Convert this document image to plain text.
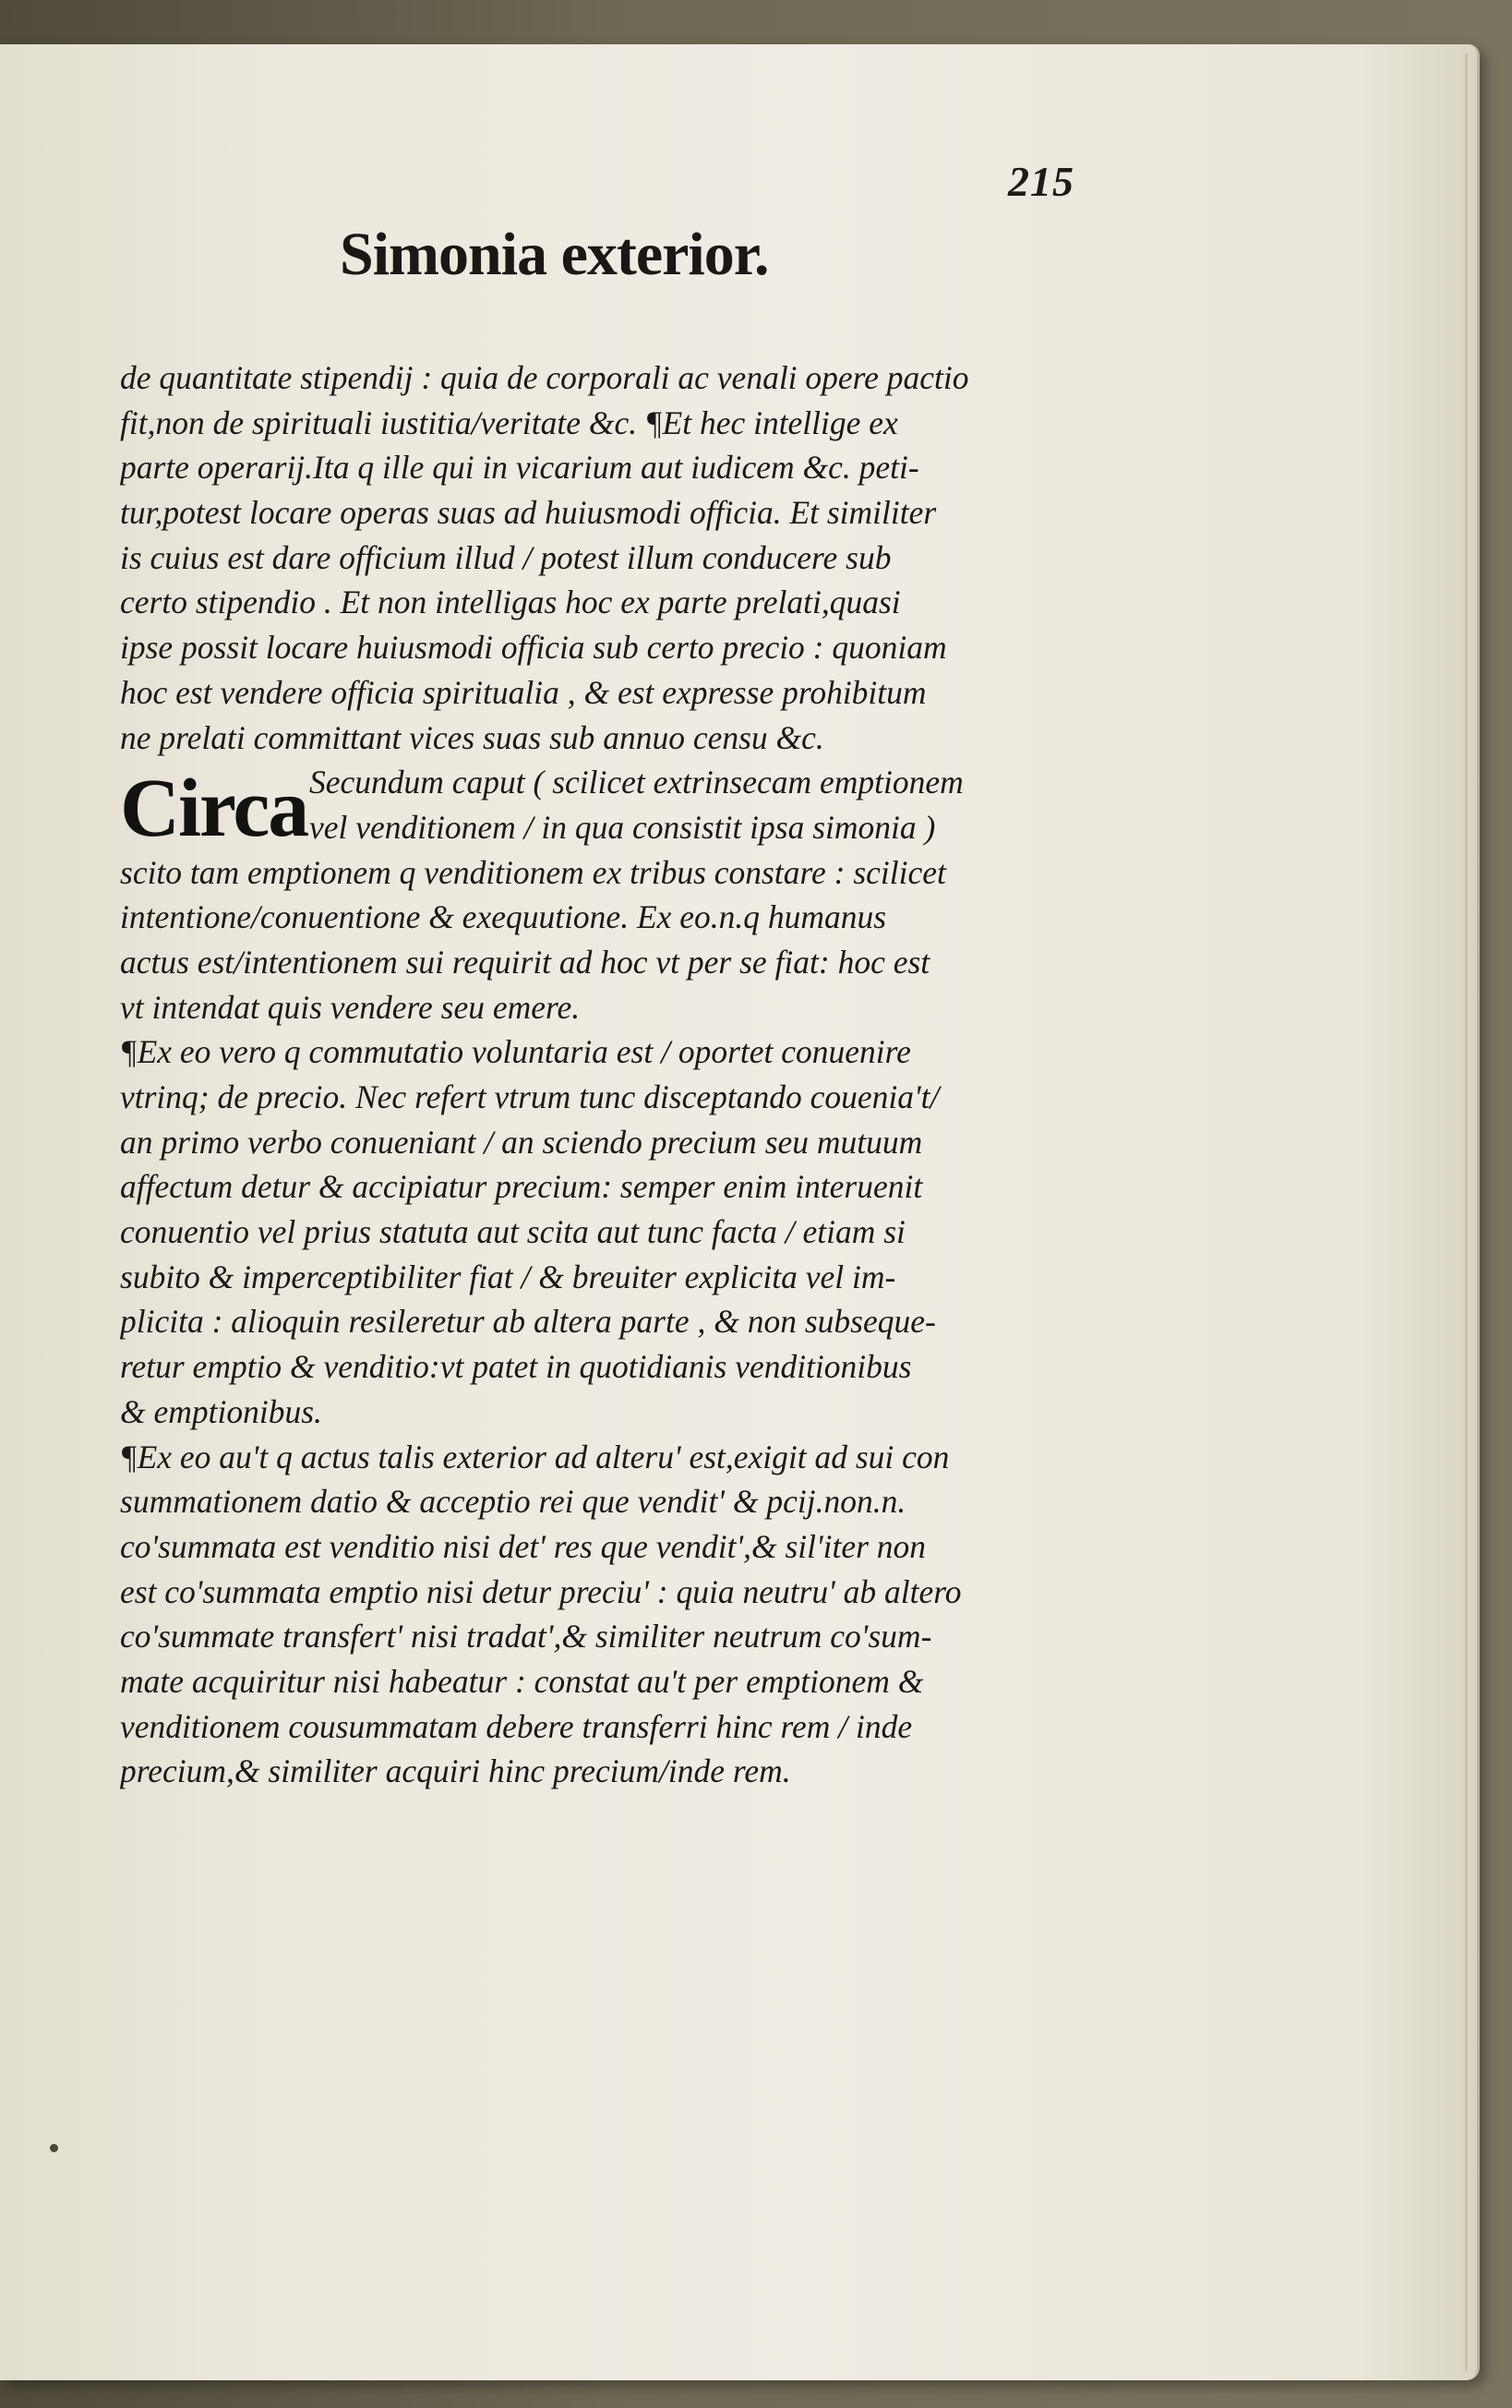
215
Simonia exterior.
de quantitate stipendij : quia de corporali ac venali opere pactio
fit,non de spirituali iustitia/veritate &c. ¶Et hec intellige ex
parte operarij.Ita q ille qui in vicarium aut iudicem &c. peti-
tur,potest locare operas suas ad huiusmodi officia. Et similiter
is cuius est dare officium illud / potest illum conducere sub
certo stipendio . Et non intelligas hoc ex parte prelati,quasi
ipse possit locare huiusmodi officia sub certo precio : quoniam
hoc est vendere officia spiritualia , & est expresse prohibitum
ne prelati committant vices suas sub annuo censu &c.
Circa Secundum caput ( scilicet extrinsecam emptionem
vel venditionem / in qua consistit ipsa simonia )
scito tam emptionem q venditionem ex tribus constare : scilicet
intentione/conuentione & exequutione. Ex eo.n.q humanus
actus est/intentionem sui requirit ad hoc vt per se fiat: hoc est
vt intendat quis vendere seu emere.
¶Ex eo vero q commutatio voluntaria est / oportet conuenire
vtrinq; de precio. Nec refert vtrum tunc disceptando couenia't/
an primo verbo conueniant / an sciendo precium seu mutuum
affectum detur & accipiatur precium: semper enim interuenit
conuentio vel prius statuta aut scita aut tunc facta / etiam si
subito & imperceptibiliter fiat / & breuiter explicita vel im-
plicita : alioquin resileretur ab altera parte , & non subseque-
retur emptio & venditio:vt patet in quotidianis venditionibus
& emptionibus.
¶Ex eo au't q actus talis exterior ad alteru' est,exigit ad sui con
summationem datio & acceptio rei que vendit' & pcij.non.n.
co'summata est venditio nisi det' res que vendit',& sil'iter non
est co'summata emptio nisi detur preciu' : quia neutru' ab altero
co'summate transfert' nisi tradat',& similiter neutrum co'sum-
mate acquiritur nisi habeatur : constat au't per emptionem &
venditionem cousummatam debere transferri hinc rem / inde
precium,& similiter acquiri hinc precium/inde rem.
